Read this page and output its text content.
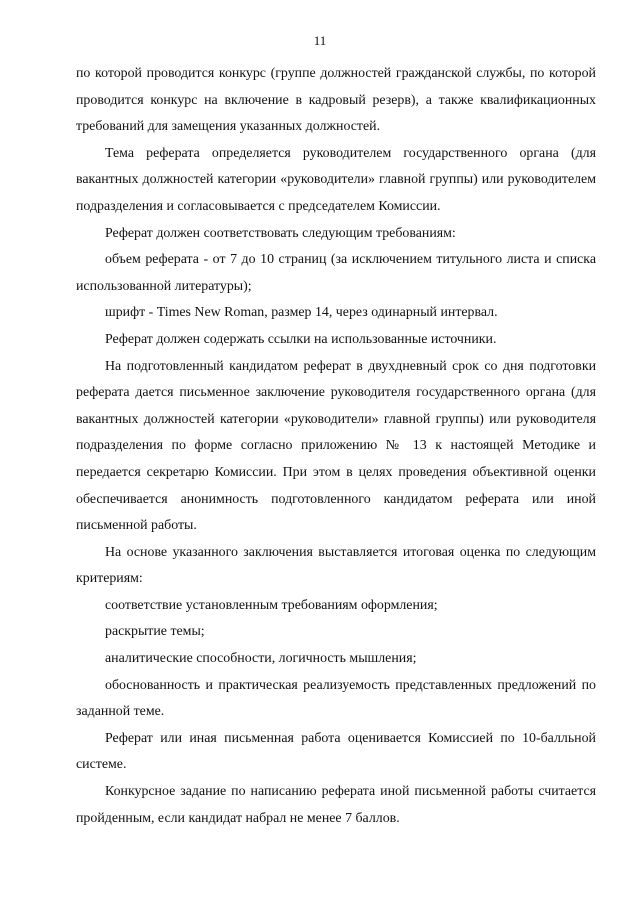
11

по которой проводится конкурс (группе должностей гражданской службы, по которой проводится конкурс на включение в кадровый резерв), а также квалификационных требований для замещения указанных должностей.

Тема реферата определяется руководителем государственного органа (для вакантных должностей категории «руководители» главной группы) или руководителем подразделения и согласовывается с председателем Комиссии.

Реферат должен соответствовать следующим требованиям:

объем реферата - от 7 до 10 страниц (за исключением титульного листа и списка использованной литературы);

шрифт - Times New Roman, размер 14, через одинарный интервал.

Реферат должен содержать ссылки на использованные источники.

На подготовленный кандидатом реферат в двухдневный срок со дня подготовки реферата дается письменное заключение руководителя государственного органа (для вакантных должностей категории «руководители» главной группы) или руководителя подразделения по форме согласно приложению № 13 к настоящей Методике и передается секретарю Комиссии. При этом в целях проведения объективной оценки обеспечивается анонимность подготовленного кандидатом реферата или иной письменной работы.

На основе указанного заключения выставляется итоговая оценка по следующим критериям:

соответствие установленным требованиям оформления;

раскрытие темы;

аналитические способности, логичность мышления;

обоснованность и практическая реализуемость представленных предложений по заданной теме.

Реферат или иная письменная работа оценивается Комиссией по 10-балльной системе.

Конкурсное задание по написанию реферата иной письменной работы считается пройденным, если кандидат набрал не менее 7 баллов.
